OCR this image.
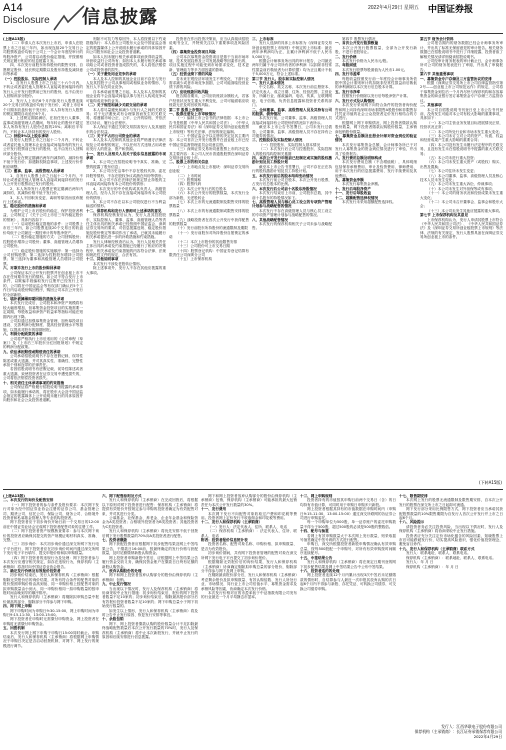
A14
Disclosure 信息披露	2022年4月29日 星期五 中国证券报
(上接A13版)
（二）申请人在本次发行上市后，申请人在股票上市之日起三年内，如出现连续20个交易日公司股票收盘价均低于公司上一个会计年度经审计的每股净资产，公司将启动股价稳定措施，并按照相关规定履行相应的信息披露义务。
四、本次发行前股东所持股份的限售安排、自愿锁定股份、延长锁定期限以及股东持股及减持意向等承诺
（一）控股股东、实际控制人承诺
1、自发行人股票上市之日起三十六个月内，不转让或者委托他人管理本人直接或者间接持有的发行人公开发行股票前已发行的股份，也不由发行人回购该部分股份。
2、发行人上市后6个月内如发行人股票连续20个交易日的收盘价均低于发行价，或者上市后6个月期末收盘价低于发行价，本人持有发行人股票的锁定期限自动延长6个月。
3、上述锁定期届满后，在担任发行人董事、监事或高级管理人员期间，每年转让的股份不超过本人所持有发行人股份总数的25%；离职后半年内，不转让本人所持有的发行人股份。
（二）持股5%以上股东承诺
自发行人股票上市之日起十二个月内，不转让或者委托他人管理本企业直接或间接持有的发行人公开发行股票前已发行的股份，也不由发行人回购该部分股份。
本企业在锁定期满后两年内减持的，减持价格不低于发行价；如遇除权除息事项，上述发行价作相应调整。
（三）董事、监事、高级管理人员承诺
1、自发行人股票上市之日起十二个月内，不转让或者委托他人管理本人直接或间接持有的发行人公开发行股票前已发行的股份。
2、本人所持发行人股票在锁定期满后两年内减持的，其减持价格不低于发行价。
3、本人不因职务变更、离职等原因而放弃履行上述承诺。
五、稳定股价的措施和承诺
为维护公司上市后股价的稳定，保护投资者利益，公司制定了《关于公司上市后三年内稳定股价的预案》，具体内容如下：
（一）启动股价稳定措施的条件：公司股票上市后三年内，如公司股票连续20个交易日的收盘价均低于公司最近一期经审计的每股净资产。
（二）股价稳定措施的方式：公司回购股份；控股股东增持公司股份；董事、高级管理人员增持公司股份。
（三）稳定股价措施的实施顺序：第一选择为公司回购股票；第二选择为控股股东增持公司股票；第三选择为董事和高级管理人员增持公司股票。
六、对欺诈发行上市的股份购回承诺
公司保证本次公开发行股票并在创业板上市不存在任何欺诈发行的情形。如公司不符合发行上市条件，以欺骗手段骗取发行注册并已经发行上市的，公司将在中国证监会等有权部门确认后5个工作日内启动股份购回程序，购回公司本次公开发行的全部新股。
七、填补被摊薄即期回报的措施及承诺
本次发行完成后，公司股本和净资产规模将有较大幅度增加，但募集资金投资项目的实施需要一定周期，每股收益和净资产收益率等指标可能在短期内出现下降。
公司拟通过加强募集资金管理、加快募投项目建设、完善利润分配制度、提高经营管理水平等措施，以提高对股东的即期回报。
八、利润分配政策的承诺
公司将严格执行上市后适用的《公司章程（草案）》及《上市后三年股东分红回报规划》中规定的利润分配政策。
九、依法承担赔偿或赔偿责任的承诺
公司承诺招股说明书不存在虚假记载、误导性陈述或重大遗漏，并对其真实性、准确性、完整性承担个别和连带的法律责任。
若因招股说明书有虚假记载、误导性陈述或者重大遗漏，致使投资者在证券交易中遭受损失的，公司将依法赔偿投资者损失。
十、相关责任主体承诺事项的约束措施
公司保证将严格履行招股说明书披露的承诺事项，如未能履行承诺的，将在股东大会及中国证监会指定的披露媒体上公开说明未履行的具体原因并向股东和社会公众投资者道歉。
则除不可抗力等原因外，本人将按照以下约束措施执行：本人将在公司股东大会及中国证监会指定的披露媒体上公开说明未履行承诺的具体原因并向公司股东和社会公众投资者道歉。
如本人因未履行相关承诺事项而获得收益的，所获收益归公司所有；如因本人未履行相关承诺事项给公司或者投资者造成损失的，本人将依法赔偿公司或投资者的损失。
（一）关于避免同业竞争的承诺
本人及本人控制的其他企业目前不存在与发行人及其控股子公司从事相同或相似业务的情形，与发行人不存在同业竞争。
自本承诺函签署之日起，本人及本人控制的其他企业将不会直接或间接从事与发行人构成竞争或可能构成竞争的业务。
（二）关于规范和减少关联交易的承诺
本人将尽量避免和减少与发行人之间的关联交易；对于无法避免或有合理原因而发生的关联交易，将遵循市场公正、公平、公开的原则，并依法签订协议，履行合法程序。
本人保证不通过关联交易损害发行人及其他股东的合法权益。
（三）关于不占用公司资金的承诺
本人及本人控制的其他企业将严格遵守法律法规及公司章程的规定，不以任何方式违规占用或使用发行人的资金、资产和资源。
十一、发行人及相关人员关于股东信息披露的专项承诺
1、本公司已在招股说明书中真实、准确、完整的披露了股东信息；
2、本公司历史沿革中不存在股权代持、委托持股等情形，不存在股权争议或潜在纠纷等情形；
3、本公司不存在法律法规规定禁止持股的主体直接或间接持有本公司股份的情形；
4、本次发行的中介机构或其负责人、高级管理人员、经办人员不存在直接或间接持有本公司股份的情形；
5、本公司不存在以本公司股权进行不当利益输送的情形。
十二、保荐机构和发行人律师对上述承诺的意见
保荐机构经核查后认为，发行人及其控股股东、实际控制人、董事、监事、高级管理人员等责任主体出具的相关承诺已经按照中国证监会、深圳证券交易所的要求，对信息披露违规、稳定股价措施及股份锁定等事项作出了承诺，已就其未能履行相关承诺提出进一步的补救措施和约束措施。
发行人律师经核查后认为，发行人及相关责任主体出具的承诺及约束措施已经履行了相应的决策程序，相关承诺及约束措施的内容符合法律、法规和规范性文件的规定，合法有效。
十三、其他说明事项
本次发行不涉及老股转让情形。
除上述事项外，发行人不存在其他应披露的重大事项。
投资者在作出投资决策前，应当认真阅读招股说明书全文，并特别关注以下重要事项及风险因素。
（四）募集资金投资项目风险
公司本次募集资金投资项目是基于当前市场环境、技术发展趋势及公司发展战略等因素作出的，项目实施过程中可能受到市场需求变化、技术更新、管理能力等多方面因素的影响。
（五）经营业绩下滑的风险
若未来宏观经济环境发生不利变化，下游行业需求减少或者市场竞争加剧，公司可能面临经营业绩下滑的风险。
（六）应收账款回收风险
报告期各期末，公司应收账款余额较大，若客户经营状况发生重大不利变化，公司可能面临应收账款无法及时回收的风险。
第二节 股票上市情况
一、股票注册及上市审核情况
（一）编制上市公告书的法律依据：本上市公告书是根据《中华人民共和国公司法》、《中华人民共和国证券法》和《深圳证券交易所创业板股票上市规则》等有关法律、法规的规定编制。
（二）中国证监会予以注册的决定及其主要内容：本公司首次公开发行股票并在创业板上市已经中国证券监督管理委员会同意注册。
（三）深圳证券交易所同意股票上市的决定及其主要内容：本公司人民币普通股股票在深圳证券交易所创业板上市。
二、股票上市的相关信息
（一）上市地点及上市板块：深圳证券交易所创业板
（二）上市时间
（三）股票简称
（四）股票代码
（五）本次公开发行后的总股本
（六）本次公开发行的股票数量，本次发行全部为新股，无老股转让
（七）本次上市的无流通限制及限售安排的股票数量
（八）本次上市的有流通限制或限售安排的股票数量
（九）战略投资者在首次公开发行中获得配售的股票数量
（十）发行前股东所持股份的流通限制及期限
（十一）发行前股东对所持股份自愿锁定的承诺
（十二）本次上市股份的其他限售安排
（十三）公司股份可上市交易日期
（十四）股票登记机构：中国证券登记结算有限责任公司深圳分公司
（十五）上市保荐机构
三、上市标准
发行人选择的具体上市标准为《深圳证券交易所创业板股票上市规则》中规定的上市标准：最近两年净利润均为正，且累计净利润不低于人民币5,000万元。
根据会计师事务所出具的审计报告，公司最近两年归属于母公司所有者的净利润（以扣除非经常性损益前后孰低者为计算依据）均为正且累计不低于5,000万元，符合上述标准。
第三节 发行人、股东和实际控制人情况
一、发行人基本情况
中文名称、英文名称、本次发行前注册资本、法定代表人、成立日期、住所、经营范围、主营业务、所属行业、邮政编码、电话、传真、互联网网址、电子信箱、负责信息披露和投资者关系的部门。
二、全体董事、监事、高级管理人员及其持有公司的股票、债券情况
本次发行前，公司董事、监事、高级管理人员直接或间接持有公司股份的情况如下表所示。
截至本上市公告书签署日，公司未发行过债券，公司董事、监事、高级管理人员不存在持有公司债券的情况。
三、控股股东及实际控制人情况
（一）控股股东、实际控制人基本情况
（二）本次发行后公司与控股股东、实际控制人的股权结构控制关系图
四、本次公开发行申报前已经制定或实施的股权激励计划及员工持股计划
截至本上市公告书签署日，公司不存在正在执行的股权激励计划及员工持股计划。
五、本次发行前后的股本结构变动情况
本次发行前公司总股本，本次公开发行股票，占发行后总股本的比例。
六、本次发行后公司前十名股东持股情况
本次发行结束后上市前，公司股东总数，其中前十名股东的持股情况如下。
七、高级管理人员与核心员工设立的专项资产管理计划参与战略配售的情况
本次发行不存在高级管理人员与核心员工设立的专项资产管理计划参与战略配售的情况。
八、其他战略配售情况
本次发行的保荐机构相关子公司未参与战略配售。
第四节 股票发行情况
一、首次公开发行股票数量
本次公开发行股票数量，全部为公开发行新股，不进行老股转让。
二、发行价格
本次发行价格为人民币元/股。
三、每股面值
本次发行股票每股面值为人民币1.00元。
四、发行市盈率
每股收益按照发行前一年度经会计师事务所依据中国会计准则审计的扣除非经常性损益前后孰低的净利润除以本次发行后总股本计算。
五、发行市净率
按照发行价格除以发行后每股净资产计算。
六、发行方式及认购情况
本次发行采用网下向符合条件的投资者询价配售和网上向持有深圳市场非限售A股股份和非限售存托凭证市值的社会公众投资者定价发行相结合的方式进行。
根据网上网下申购情况，网上投资者缴款认购股份数量、网下投资者缴款认购股份数量，主承销商包销股份数量。
七、募集资金总额及注册会计师对资金到位的验证情况
本次发行募集资金总额，会计师事务所已于对发行人募集资金的资金到位情况进行了审验，并出具了验资报告。
八、发行费用总额及明细构成
本次发行费用总额（不含增值税），具体明细包括保荐承销费用、审计及验资费用、律师费用、用于本次发行的信息披露费用、发行手续费用及其他费用。
九、募集资金净额
本次发行募集资金净额。
十、发行后每股净资产
十一、发行后每股收益
十二、超额配售选择权情况
本次发行未采用超额配售选择权。
第五节 财务会计资料
公司报告期内的财务数据已经会计师事务所审计，并出具了标准无保留意见的审计报告。相关财务数据已在招股说明书中进行了详细披露，投资者欲了解相关情况请详细阅读招股说明书。
公司经审计财务报表的审计截止日，会计师事务所对公司的财务报表进行了审阅，并出具了审阅报告。
第六节 其他重要事项
一、募集资金专户存储及三方监管协议的安排
根据《深圳证券交易所上市公司自律监管指引第2号——创业板上市公司规范运作》的规定，公司将于募集资金到位后一个月内尽快与保荐机构和存放募集资金的商业银行签订募集资金专户存储三方监管协议。
二、其他事项
本公司自招股说明书刊登日至上市公告书刊登前，没有发生可能对本公司有较大影响的重要事项，具体如下：
（一）本公司主营业务发展目标进展情况正常，经营状况正常；
（二）本公司所处行业和市场未发生重大变化；
（三）本公司未订立对公司的资产、负债、权益和经营成果产生重大影响的重要合同；
（四）本公司没有发生未履行法定程序的关联交易，且没有发生未在招股说明书中披露的重大关联交易；
（五）本公司未进行重大投资；
（六）本公司未发生重大资产（或股权）购买、出售及置换；
（七）本公司住所未发生变更；
（八）本公司董事、监事、高级管理人员及核心技术人员未发生变化；
（九）本公司未发生重大诉讼、仲裁事项；
（十）本公司未发生对外担保等或有事项；
（十一）本公司的财务状况和经营成果未发生重大变化；
（十二）本公司未召开董事会、监事会和股东大会；
（十三）本公司未发生其他应披露的重大事项。
第七节 上市保荐机构及其意见
上市保荐机构认为，发行人申请其股票上市符合《中华人民共和国公司法》、《中华人民共和国证券法》及《深圳证券交易所创业板股票上市规则》等法律、法规的有关规定，发行人股票具备在深圳证券交易所创业板上市的条件。
(下转A15版)
(上接A13版)
二、本次发行的询价及配售安排
（一）网下投资者的参与条件及报价要求：本次网下发行对象为经中国证券业协会注册的证券公司、基金管理公司、期货公司、信托公司、保险公司、财务公司、合格境外投资者和私募基金管理人等专业机构投资者。
网下投资者应于初步询价开始日前一个交易日的12:00前在中国证券业协会完成网下投资者配售对象的注册工作。
（二）网下投资者资产规模核查要求：参与本次网下询价的投资者应确保其提交的资产规模证明材料真实、准确、完整。
（三）初步询价：本次初步询价通过深交所网下发行电子平台进行，网下投资者应在初步询价时间内通过深交所网下发行电子平台填写、提交申报价格和拟申购数量。
（四）网下投资者的违规行为及处理：网下投资者参与本次发行应遵守相关规定，如存在违规行为，保荐机构（主承销商）将及时向中国证券业协会报告。
三、确定发行价格及有效报价投资者
初步询价结束后，发行人和保荐机构（主承销商）根据剔除无效报价后的询价结果，对所有符合条件的配售对象的报价按照申购价格由高到低、同一申购价格上按配售对象的拟申购数量由小到大、同一申购价格同一拟申购数量的按申报时间由晚到早的顺序排序。
发行人和保荐机构（主承销商）将剔除拟申购总量中报价最高的部分，剔除部分不得参与网下申购。
四、网下网上申购
网下申购时间为申购日9:30-15:00，网上申购时间为申购日9:15-11:30，13:00-15:00。
网下投资者在申购时无需缴付申购资金，网上投资者在申购时无需缴付申购资金。
五、回拨机制
本次发行网上网下申购于申购日15:00同时截止。申购结束后，发行人和保荐机构（主承销商）将根据网上申购情况于申购日决定是否启动回拨机制，对网下、网上发行的规模进行调节。
六、网下配售原则及方式
发行人和保荐机构（主承销商）在完成回拨后，将根据以下原则对网下投资者进行配售：保荐机构（主承销商）将提供有效报价并按规定参与申购的投资者确定为有效配售对象，并对其进行分类。
公募基金、社保基金、养老金、企业年金基金和保险资金为A类投资者；合格境外投资者为B类投资者；其他投资者为C类投资者。
发行人和保荐机构（主承销商）将优先安排不低于回拨后网下发行股票数量的70%向A类投资者进行配售。
七、投资者缴款
网下获配投资者应根据网下初步配售结果及网上中签结果公告，于缴款日16:00前，按最终确定的发行价格与获配数量，及时足额缴纳新股认购资金。
网上投资者申购新股中签后，应根据网上中签结果公告履行资金交收义务，确保其资金账户在缴款日日终有足额的新股认购资金。
八、放弃认购股份的处理
网下和网上投资者放弃认购部分的股份由保荐机构（主承销商）包销。
九、中止发行情况
当出现以下情况时，发行人及保荐机构（主承销商）将协商采取中止发行措施：初步询价结束后，报价的网下投资者数量不足10家的；初步询价结束后，剔除最高报价部分后有效报价投资者数量不足10家的；网下申购总量小于网下初始发行数量的。
如发生以上情形，发行人和保荐机构（主承销商）将及时公告中止发行原因、恢复发行安排等事宜。
十、余股包销
网下、网上投资者缴款认购的股份数量合计不足扣除最终战略配售数量后本次公开发行数量的70%时，发行人及保荐机构（主承销商）将中止本次新股发行，并就中止发行的原因和后续安排进行信息披露。
网下和网上投资者放弃认购部分的股份由保荐机构（主承销商）包销，保荐机构（主承销商）可能承担的最大包销责任为本次公开发行数量的30%。
十一、发行费用
本次网下发行不向配售对象收取过户费和印花税等费用。投资者网上定价发行不收取佣金和印花税等费用。
十二、发行人和保荐机构（主承销商）
（一）发行人：法定代表人、住所、联系人、电话
（二）保荐机构（主承销商）：法定代表人、住所、联系人、电话
附表：投资者报价信息统计表
投资者名称、配售对象名称、申购价格、拟申购数量、是否为有效报价。
初步询价期间，共有网下投资者管理的配售对象在深交所网下发行电子平台提交了初步询价报价。
根据剔除无效报价后的询价结果，发行人和保荐机构（主承销商）协商确定剔除拟申购总量的部分报价，剔除部分不得参与网下及网上申购。
在剔除最高报价部分后，发行人和保荐机构（主承销商）考虑剩余报价及拟申购数量、有效认购倍数、发行人所处行业、市场情况、同行业上市公司估值水平、募集资金需求及承销风险等因素，协商确定本次发行价格。
本次发行价格对应的市盈率低于中证指数有限公司发布的行业最近一个月平均静态市盈率。
十三、网上申购规则
投资者持有的市值按其申购日前两个交易日（含）的日均持有市值计算，可同时用于申购日申购多只新股。
网上投资者根据其持有的市值数据在申购时间内（申购日9:15-11:30，13:00-15:00）通过深交所联网的各证券公司进行申购委托。
每一个申购单位为500股，单一证券账户的委托申购数量不得少于500股，超过500股的必须是500股的整数倍。
十四、配号与抽签
若网上有效申购数量大于本次网上发行数量，则采取摇号抽签确定中签号码的方式进行配售。
申购日，深交所根据投资者新股申购情况确认有效申购总量，按每500股配一个申购号，对所有有效申购按时间顺序连续配号。
十五、中签结果公告
发行人和保荐机构（主承销商）将在规定日期刊登的网下初步配售结果及网上中签结果公告中公布中签结果。
十六、投资者违约的处理
网上投资者连续12个月内累计出现3次中签后未足额缴款的情形时，自结算参与人最近一次申报其放弃认购的次日起6个月内不得参与新股、存托凭证、可转换公司债券、可交换公司债券申购。
十七、限售期安排
本次网上发行的股票无流通限制及限售期安排，自本次公开发行的股票在深交所上市之日起即可流通。
网下发行部分采用比例限售方式，网下投资者应当承诺其获配股票数量的10%限售期限为自发行人首次公开发行并上市之日起6个月。
十八、风险提示
请投资者务必关注投资风险，当出现以下情况时，发行人及保荐机构（主承销商）将协商采取中止发行措施。
投资者应充分关注定价市场化蕴含的风险因素，知晓股票上市后可能跌破发行价，切实提高风险意识，强化价值投资理念，避免盲目炒作。
十九、发行人和保荐机构（主承销商）联系方式
发行人：联系地址、联系人、联系电话。
保荐机构（主承销商）：联系地址、联系人、联系电话。
发行人：年 月 日
保荐机构（主承销商）：年 月 日
发行人：江西华联电子股份有限公司
保荐机构（主承销商）：长江证券承销保荐有限公司
2022年4月29日
